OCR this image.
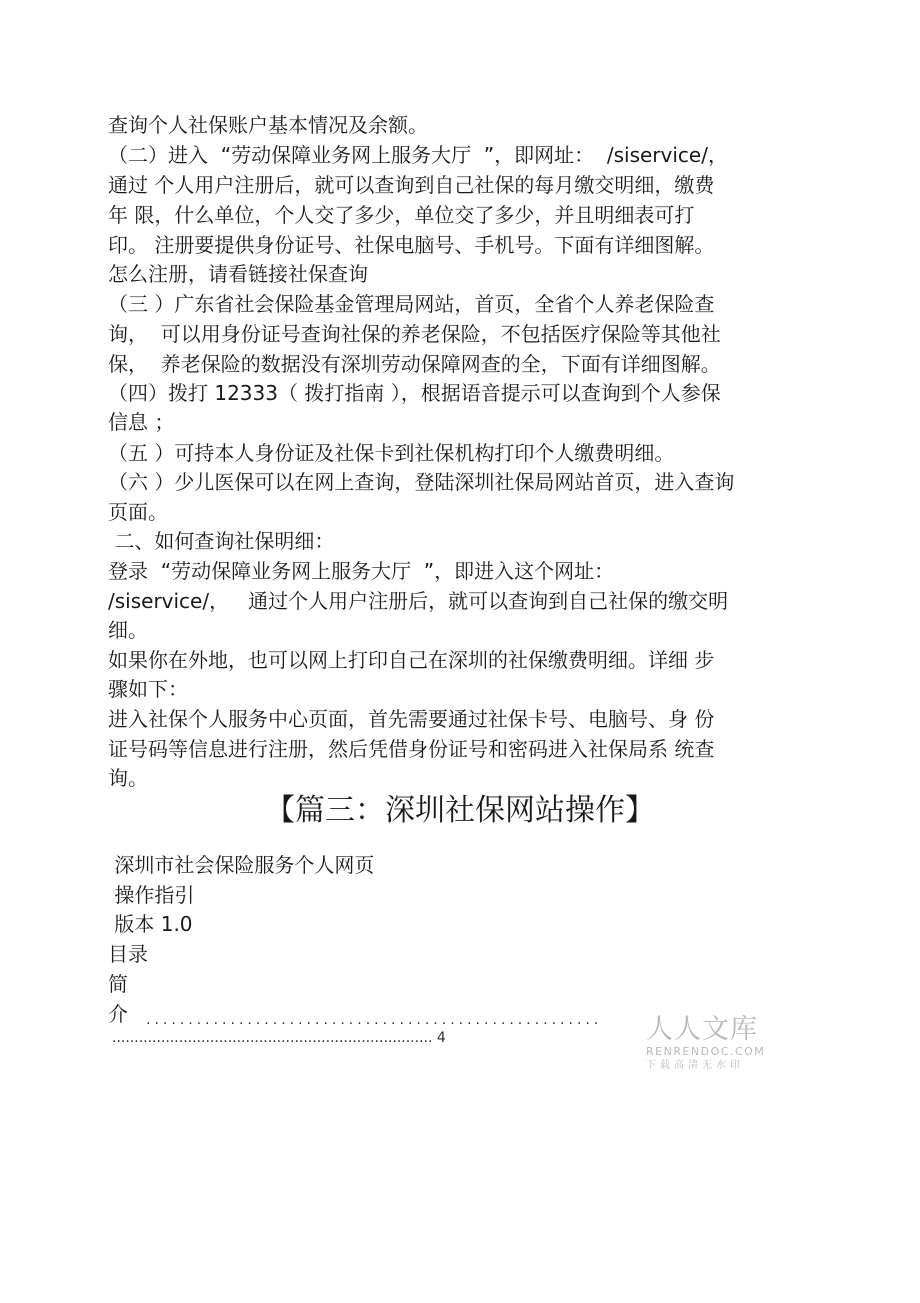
查询个人社保账户基本情况及余额。
（二）进入  “劳动保障业务网上服务大厅  ”，即网址：  /siservice/，
通过 个人用户注册后，就可以查询到自己社保的每月缴交明细，缴费
年 限，什么单位，个人交了多少，单位交了多少，并且明细表可打
印。 注册要提供身份证号、社保电脑号、手机号。下面有详细图解。
怎么注册，请看链接社保查询
（三 ）广东省社会保险基金管理局网站，首页，全省个人养老保险查
询，  可以用身份证号查询社保的养老保险，不包括医疗保险等其他社
保，  养老保险的数据没有深圳劳动保障网查的全，下面有详细图解。
（四）拨打 12333（ 拨打指南 ），根据语音提示可以查询到个人参保
信息 ；
（五 ）可持本人身份证及社保卡到社保机构打印个人缴费明细。
（六 ）少儿医保可以在网上查询，登陆深圳社保局网站首页，进入查询
页面。
二、如何查询社保明细：
登录  “劳动保障业务网上服务大厅  ”，即进入这个网址：
/siservice/，   通过个人用户注册后，就可以查询到自己社保的缴交明
细。
如果你在外地，也可以网上打印自己在深圳的社保缴费明细。详细 步
骤如下：
进入社保个人服务中心页面，首先需要通过社保卡号、电脑号、身 份
证号码等信息进行注册，然后凭借身份证号和密码进入社保局系 统查
询。
【篇三：深圳社保网站操作】
深圳市社会保险服务个人网页
操作指引
版本 1.0
目录
简
介 ······················································
........................................................................ 4	人人文库
RENRENDOC.COM
下载高清无水印
